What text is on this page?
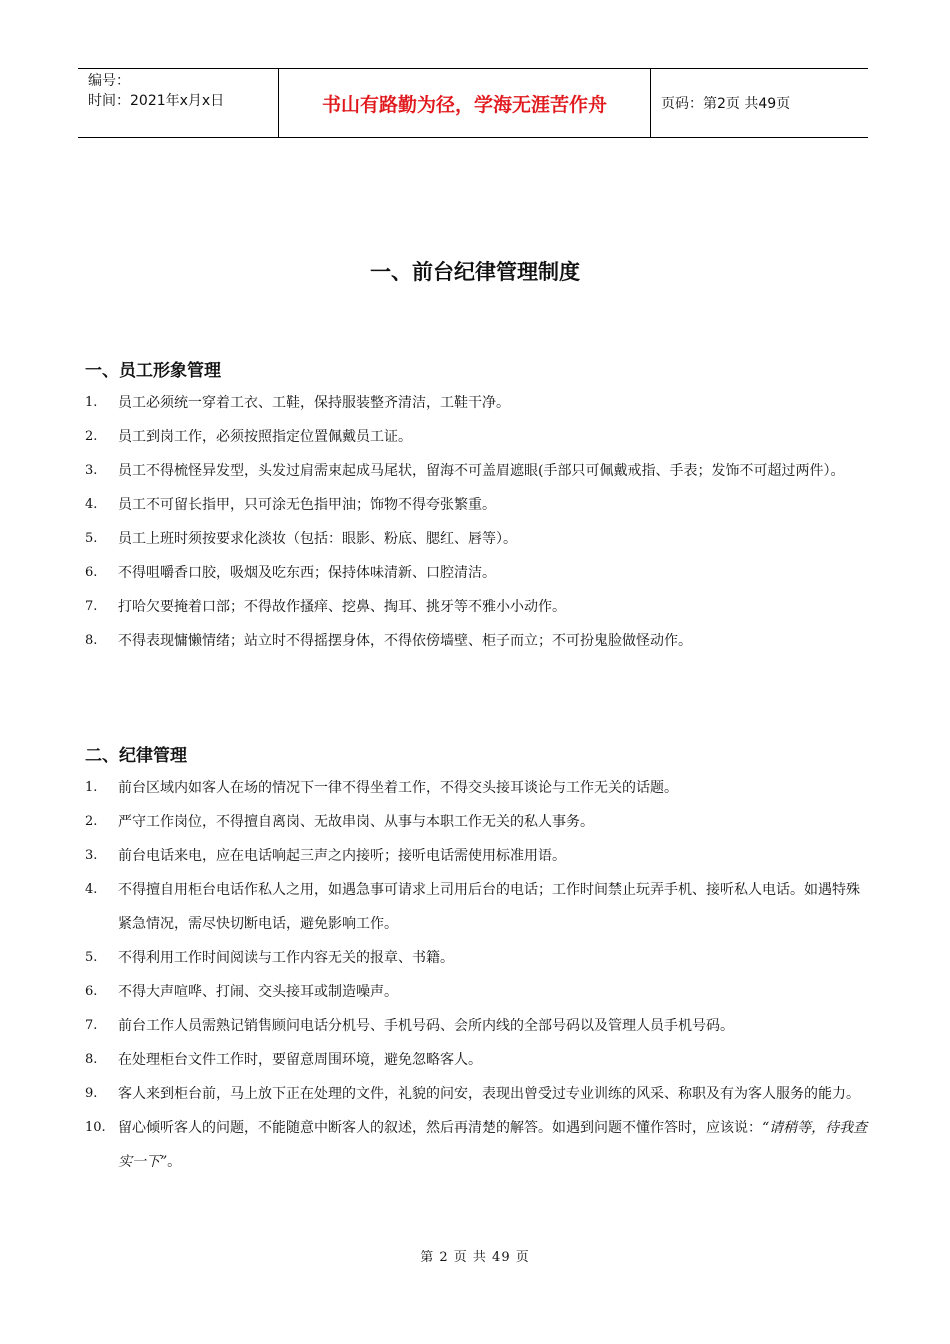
编号：
时间：2021年x月x日	书山有路勤为径，学海无涯苦作舟	页码：第2页 共49页
一、前台纪律管理制度
一、员工形象管理
1.	员工必须统一穿着工衣、工鞋，保持服装整齐清洁，工鞋干净。
2.	员工到岗工作，必须按照指定位置佩戴员工证。
3.	员工不得梳怪异发型，头发过肩需束起成马尾状，留海不可盖眉遮眼(手部只可佩戴戒指、手表；发饰不可超过两件）。
4.	员工不可留长指甲，只可涂无色指甲油；饰物不得夸张繁重。
5.	员工上班时须按要求化淡妆（包括：眼影、粉底、腮红、唇等）。
6.	不得咀嚼香口胶，吸烟及吃东西；保持体味清新、口腔清洁。
7.	打哈欠要掩着口部；不得故作搔痒、挖鼻、掏耳、挑牙等不雅小小动作。
8.	不得表现慵懒情绪；站立时不得摇摆身体，不得依傍墙壁、柜子而立；不可扮鬼脸做怪动作。
二、纪律管理
1.	前台区域内如客人在场的情况下一律不得坐着工作，不得交头接耳谈论与工作无关的话题。
2.	严守工作岗位，不得擅自离岗、无故串岗、从事与本职工作无关的私人事务。
3.	前台电话来电，应在电话响起三声之内接听；接听电话需使用标准用语。
4.	不得擅自用柜台电话作私人之用，如遇急事可请求上司用后台的电话；工作时间禁止玩弄手机、接听私人电话。如遇特殊紧急情况，需尽快切断电话，避免影响工作。
5.	不得利用工作时间阅读与工作内容无关的报章、书籍。
6.	不得大声喧哗、打闹、交头接耳或制造噪声。
7.	前台工作人员需熟记销售顾问电话分机号、手机号码、会所内线的全部号码以及管理人员手机号码。
8.	在处理柜台文件工作时，要留意周围环境，避免忽略客人。
9.	客人来到柜台前，马上放下正在处理的文件，礼貌的问安，表现出曾受过专业训练的风采、称职及有为客人服务的能力。
10. 留心倾听客人的问题，不能随意中断客人的叙述，然后再清楚的解答。如遇到问题不懂作答时，应该说：“请稍等，待我查实一下”。
第 2 页 共 49 页
